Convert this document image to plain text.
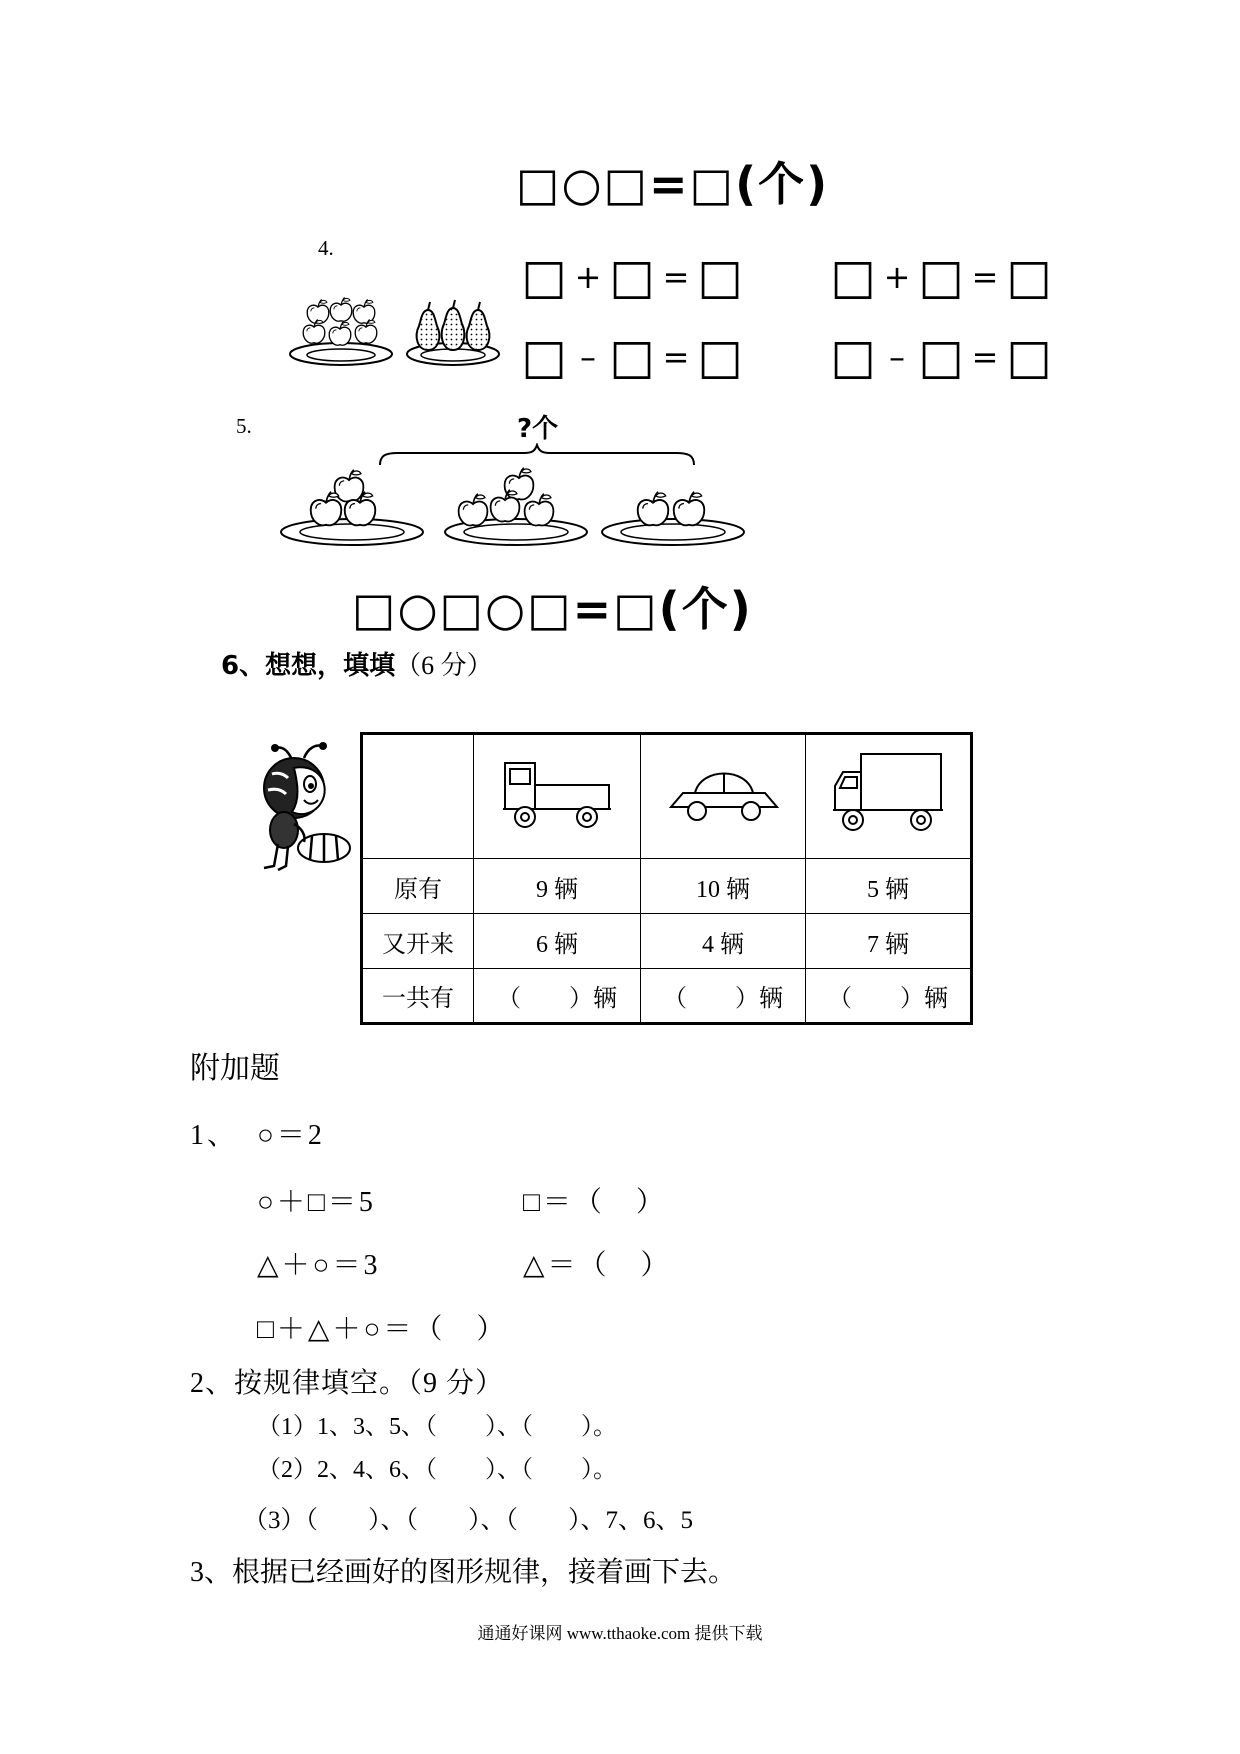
□○□=□(个)
4.
□ + □ = □ □ + □ = □
□ – □ = □ □ – □ = □
5.	?个
□○□○□=□(个)
6、想想，填填（6 分）

原有	9 辆	10 辆	5 辆
又开来	6 辆	4 辆	7 辆
一共有	（　　）辆	（　　）辆	（　　）辆
附加题
1、 ○＝2
○＋□＝5	□＝（　）
△＋○＝3	△＝（　）
□＋△＋○＝（　）
2、按规律填空。（9 分）
（1）1、3、5、（　　）、（　　）。
（2）2、4、6、（　　）、（　　）。
（3）（　　）、（　　）、（　　）、7、6、5
3、根据已经画好的图形规律，接着画下去。
通通好课网 www.tthaoke.com 提供下载
